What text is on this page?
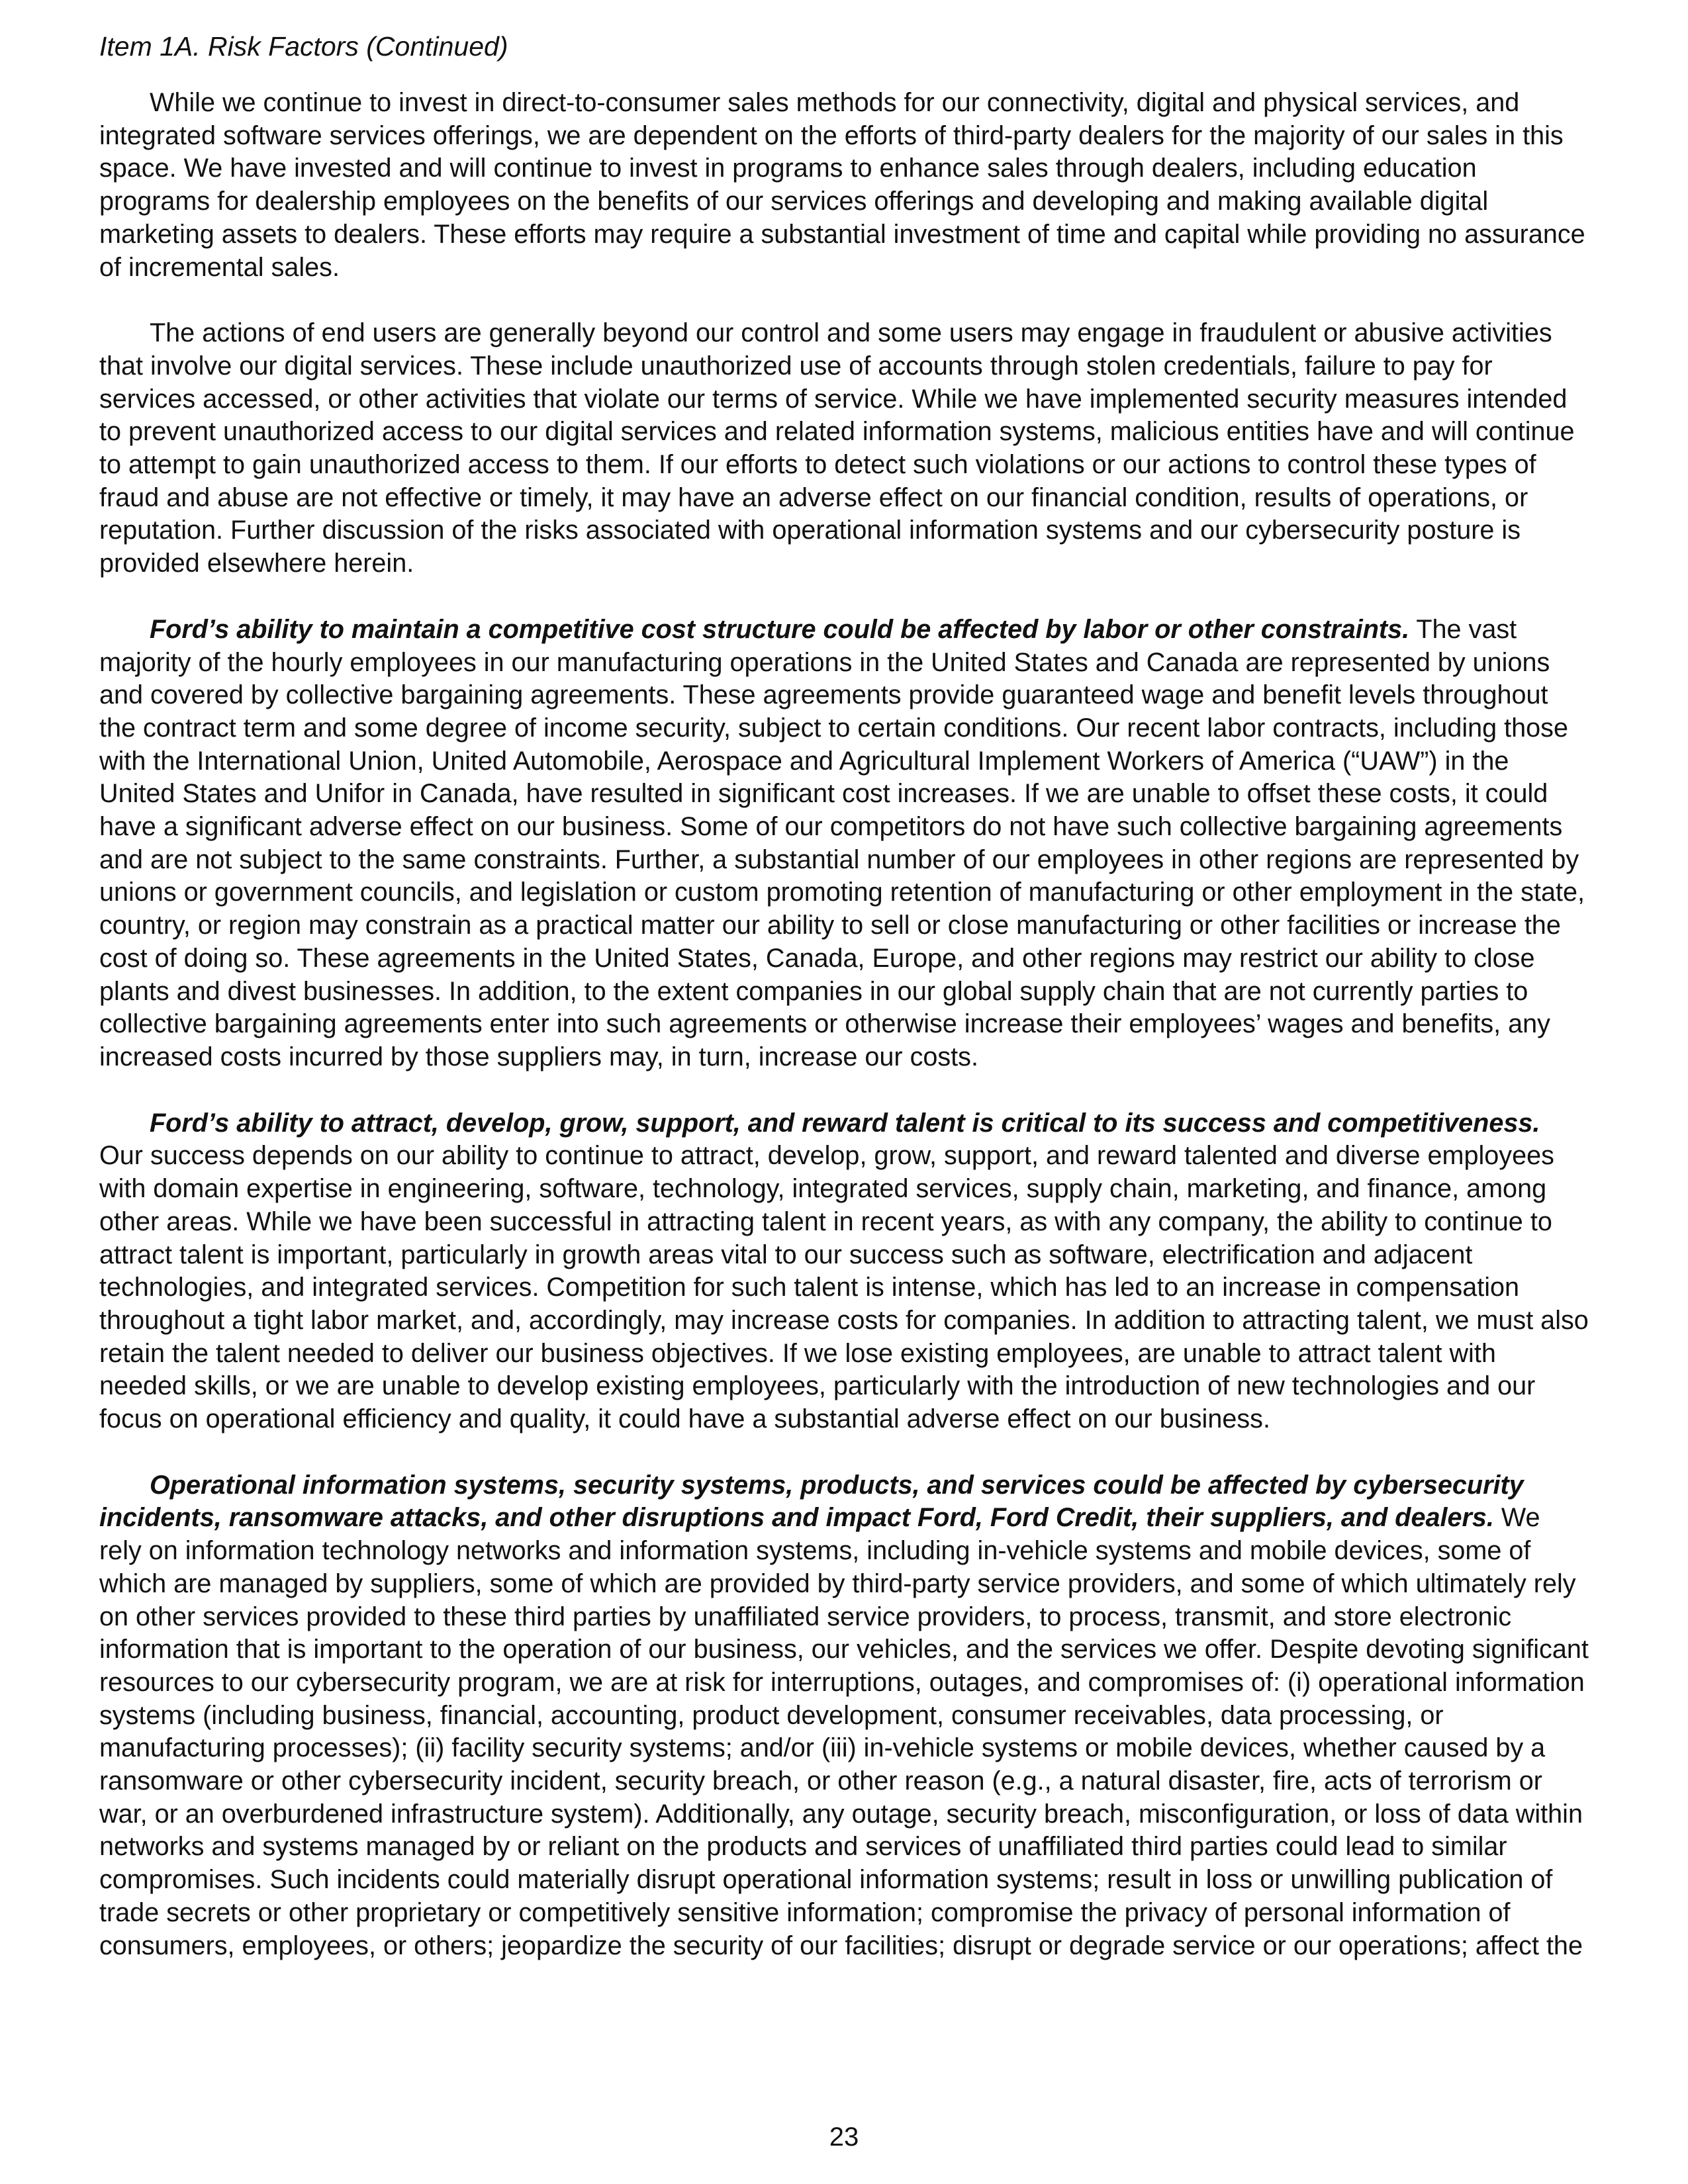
Item 1A. Risk Factors (Continued)

While we continue to invest in direct-to-consumer sales methods for our connectivity, digital and physical services, and integrated software services offerings, we are dependent on the efforts of third-party dealers for the majority of our sales in this space. We have invested and will continue to invest in programs to enhance sales through dealers, including education programs for dealership employees on the benefits of our services offerings and developing and making available digital marketing assets to dealers. These efforts may require a substantial investment of time and capital while providing no assurance of incremental sales.

The actions of end users are generally beyond our control and some users may engage in fraudulent or abusive activities that involve our digital services. These include unauthorized use of accounts through stolen credentials, failure to pay for services accessed, or other activities that violate our terms of service. While we have implemented security measures intended to prevent unauthorized access to our digital services and related information systems, malicious entities have and will continue to attempt to gain unauthorized access to them. If our efforts to detect such violations or our actions to control these types of fraud and abuse are not effective or timely, it may have an adverse effect on our financial condition, results of operations, or reputation. Further discussion of the risks associated with operational information systems and our cybersecurity posture is provided elsewhere herein.

Ford’s ability to maintain a competitive cost structure could be affected by labor or other constraints. The vast majority of the hourly employees in our manufacturing operations in the United States and Canada are represented by unions and covered by collective bargaining agreements. These agreements provide guaranteed wage and benefit levels throughout the contract term and some degree of income security, subject to certain conditions. Our recent labor contracts, including those with the International Union, United Automobile, Aerospace and Agricultural Implement Workers of America (“UAW”) in the United States and Unifor in Canada, have resulted in significant cost increases. If we are unable to offset these costs, it could have a significant adverse effect on our business. Some of our competitors do not have such collective bargaining agreements and are not subject to the same constraints. Further, a substantial number of our employees in other regions are represented by unions or government councils, and legislation or custom promoting retention of manufacturing or other employment in the state, country, or region may constrain as a practical matter our ability to sell or close manufacturing or other facilities or increase the cost of doing so. These agreements in the United States, Canada, Europe, and other regions may restrict our ability to close plants and divest businesses. In addition, to the extent companies in our global supply chain that are not currently parties to collective bargaining agreements enter into such agreements or otherwise increase their employees’ wages and benefits, any increased costs incurred by those suppliers may, in turn, increase our costs.

Ford’s ability to attract, develop, grow, support, and reward talent is critical to its success and competitiveness. Our success depends on our ability to continue to attract, develop, grow, support, and reward talented and diverse employees with domain expertise in engineering, software, technology, integrated services, supply chain, marketing, and finance, among other areas. While we have been successful in attracting talent in recent years, as with any company, the ability to continue to attract talent is important, particularly in growth areas vital to our success such as software, electrification and adjacent technologies, and integrated services. Competition for such talent is intense, which has led to an increase in compensation throughout a tight labor market, and, accordingly, may increase costs for companies. In addition to attracting talent, we must also retain the talent needed to deliver our business objectives. If we lose existing employees, are unable to attract talent with needed skills, or we are unable to develop existing employees, particularly with the introduction of new technologies and our focus on operational efficiency and quality, it could have a substantial adverse effect on our business.

Operational information systems, security systems, products, and services could be affected by cybersecurity incidents, ransomware attacks, and other disruptions and impact Ford, Ford Credit, their suppliers, and dealers. We rely on information technology networks and information systems, including in-vehicle systems and mobile devices, some of which are managed by suppliers, some of which are provided by third-party service providers, and some of which ultimately rely on other services provided to these third parties by unaffiliated service providers, to process, transmit, and store electronic information that is important to the operation of our business, our vehicles, and the services we offer. Despite devoting significant resources to our cybersecurity program, we are at risk for interruptions, outages, and compromises of: (i) operational information systems (including business, financial, accounting, product development, consumer receivables, data processing, or manufacturing processes); (ii) facility security systems; and/or (iii) in-vehicle systems or mobile devices, whether caused by a ransomware or other cybersecurity incident, security breach, or other reason (e.g., a natural disaster, fire, acts of terrorism or war, or an overburdened infrastructure system). Additionally, any outage, security breach, misconfiguration, or loss of data within networks and systems managed by or reliant on the products and services of unaffiliated third parties could lead to similar compromises. Such incidents could materially disrupt operational information systems; result in loss or unwilling publication of trade secrets or other proprietary or competitively sensitive information; compromise the privacy of personal information of consumers, employees, or others; jeopardize the security of our facilities; disrupt or degrade service or our operations; affect the

23
